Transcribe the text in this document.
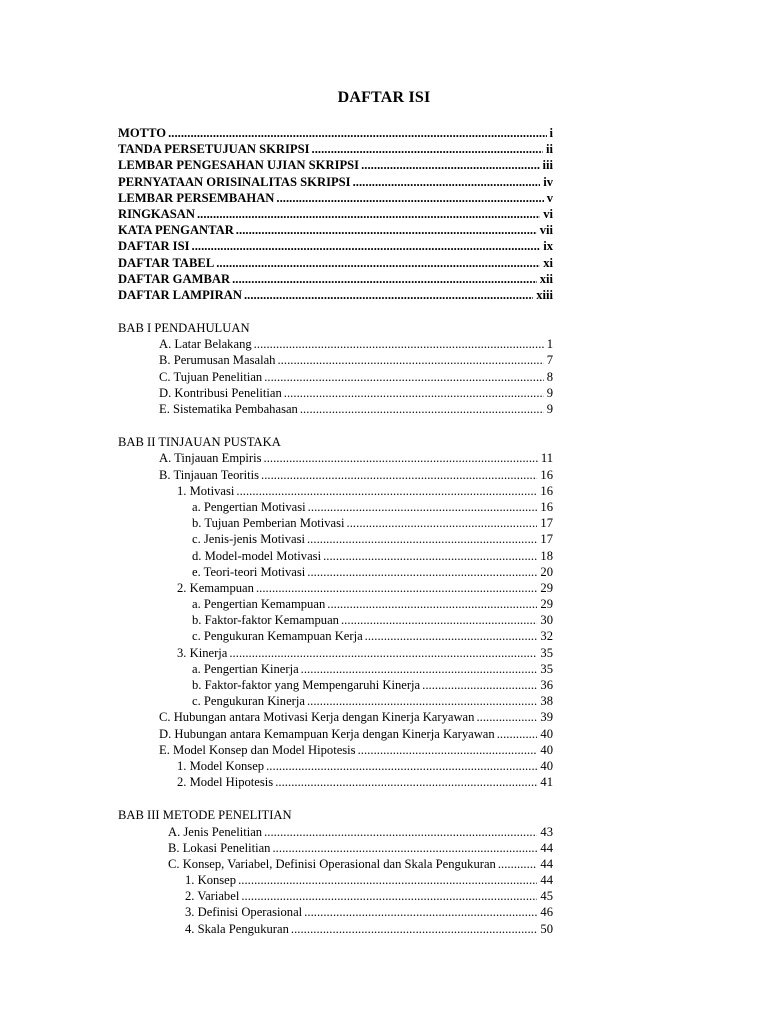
DAFTAR ISI
MOTTO . . .	i
TANDA PERSETUJUAN SKRIPSI . . .	ii
LEMBAR PENGESAHAN UJIAN SKRIPSI . . .	iii
PERNYATAAN ORISINALITAS SKRIPSI . . .	iv
LEMBAR PERSEMBAHAN . . .	v
RINGKASAN . . .	vi
KATA PENGANTAR . . .	vii
DAFTAR ISI . . .	ix
DAFTAR TABEL . . .	xi
DAFTAR GAMBAR . . .	xii
DAFTAR LAMPIRAN . . .	xiii
BAB I PENDAHULUAN
A. Latar Belakang . . .	1
B. Perumusan Masalah . . .	7
C. Tujuan Penelitian . . .	8
D. Kontribusi Penelitian . . .	9
E. Sistematika Pembahasan . . .	9
BAB II TINJAUAN PUSTAKA
A. Tinjauan Empiris . . .	11
B. Tinjauan Teoritis . . .	16
1. Motivasi . . .	16
a. Pengertian Motivasi . . .	16
b. Tujuan Pemberian Motivasi . . .	17
c. Jenis-jenis Motivasi . . .	17
d. Model-model Motivasi . . .	18
e. Teori-teori Motivasi . . .	20
2. Kemampuan . . .	29
a. Pengertian Kemampuan . . .	29
b. Faktor-faktor Kemampuan . . .	30
c. Pengukuran Kemampuan Kerja . . .	32
3. Kinerja . . .	35
a. Pengertian Kinerja . . .	35
b. Faktor-faktor yang Mempengaruhi Kinerja . . .	36
c. Pengukuran Kinerja . . .	38
C. Hubungan antara Motivasi Kerja dengan Kinerja Karyawan . . .	39
D. Hubungan antara Kemampuan Kerja dengan Kinerja Karyawan . . .	40
E. Model Konsep dan Model Hipotesis . . .	40
1. Model Konsep . . .	40
2. Model Hipotesis . . .	41
BAB III METODE PENELITIAN
A. Jenis Penelitian . . .	43
B. Lokasi Penelitian . . .	44
C. Konsep, Variabel, Definisi Operasional dan Skala Pengukuran . . .	44
1. Konsep . . .	44
2. Variabel . . .	45
3. Definisi Operasional . . .	46
4. Skala Pengukuran . . .	50
